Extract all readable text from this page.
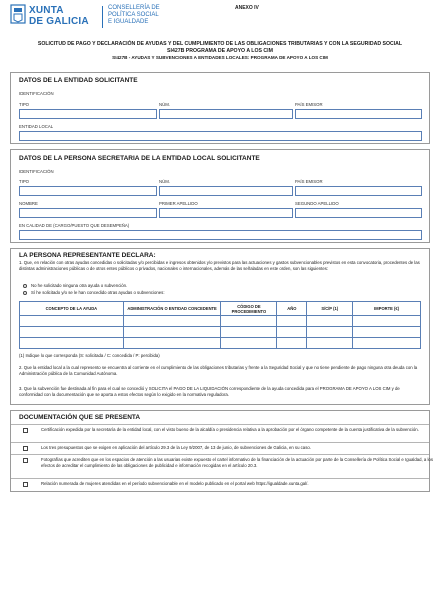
XUNTA
DE GALICIA
CONSELLERÍA DE
POLÍTICA SOCIAL
E IGUALDADE
ANEXO IV
SOLICITUD DE PAGO Y DECLARACIÓN DE AYUDAS Y DEL CUMPLIMIENTO DE LAS OBLIGACIONES TRIBUTARIAS Y CON LA SEGURIDAD SOCIAL
SI427B PROGRAMA DE APOYO A LOS CIM
SI427B - AYUDAS Y SUBVENCIONES A ENTIDADES LOCALES: PROGRAMA DE APOYO A LOS CIM
DATOS DE LA ENTIDAD SOLICITANTE
IDENTIFICACIÓN
TIPO	NÚM.	PAÍS EMISOR
ENTIDAD LOCAL
DATOS DE LA PERSONA SECRETARIA DE LA ENTIDAD LOCAL SOLICITANTE
IDENTIFICACIÓN
TIPO	NÚM.	PAÍS EMISOR
NOMBRE	PRIMER APELLIDO	SEGUNDO APELLIDO
EN CALIDAD DE (CARGO/PUESTO QUE DESEMPEÑA)
LA PERSONA REPRESENTANTE DECLARA:
1. Que, en relación con otras ayudas concedidas o solicitadas y/o percibidas e ingresos obtenidos y/o previstos para las actuaciones y gastos subvencionables previstos en esta convocatoria, procedentes de las distintas administraciones públicas o de otros entes públicos o privados, nacionales o internacionales, además de las señaladas en este orden, son las siguientes:
No he solicitado ninguna otra ayuda o subvención.
Sí he solicitado y/o se le han concedido otras ayudas o subvenciones:
CONCEPTO DE LA AYUDA	ADMINISTRACIÓN O ENTIDAD CONCEDENTE	CÓDIGO DE PROCEDIMIENTO	AÑO	S/C/P (1)	IMPORTE (€)

(1) Indique lo que corresponda (S: solicitada / C: concedida / P: percibida)
2. Que la entidad local a la cual represento se encuentra al corriente en el cumplimiento de las obligaciones tributarias y frente a la Seguridad Social y que no tiene pendiente de pago ninguna otra deuda con la Administración pública de la Comunidad Autónoma.
3. Que la subvención fue destinada al fin para el cual se concedió y SOLICITA el PAGO DE LA LIQUIDACIÓN correspondiente de la ayuda concedida para el PROGRAMA DE APOYO A LOS CIM y de conformidad con la documentación que se aporta a estos efectos según lo exigido en la normativa reguladora.
DOCUMENTACIÓN QUE SE PRESENTA
Certificación expedida por la secretaría de la entidad local, con el visto bueno de la alcaldía o presidencia relativa a la aprobación por el órgano competente de la cuenta justificativa de la subvención.
Los tres presupuestos que se exigen en aplicación del artículo 29.3 de la Ley 9/2007, de 13 de junio, de subvenciones de Galicia, en su caso.
Fotografías que acrediten que en los espacios de atención a las usuarias existe expuesto el cartel informativo de la financiación de la actuación por parte de la Consellería de Política Social e Igualdad, a los efectos de acreditar el cumplimiento de las obligaciones de publicidad e información recogidas en el artículo 20.3.
Relación numerada de mujeres atendidas en el período subvencionable en el modelo publicado en el portal web https://igualdade.xunta.gal/.
